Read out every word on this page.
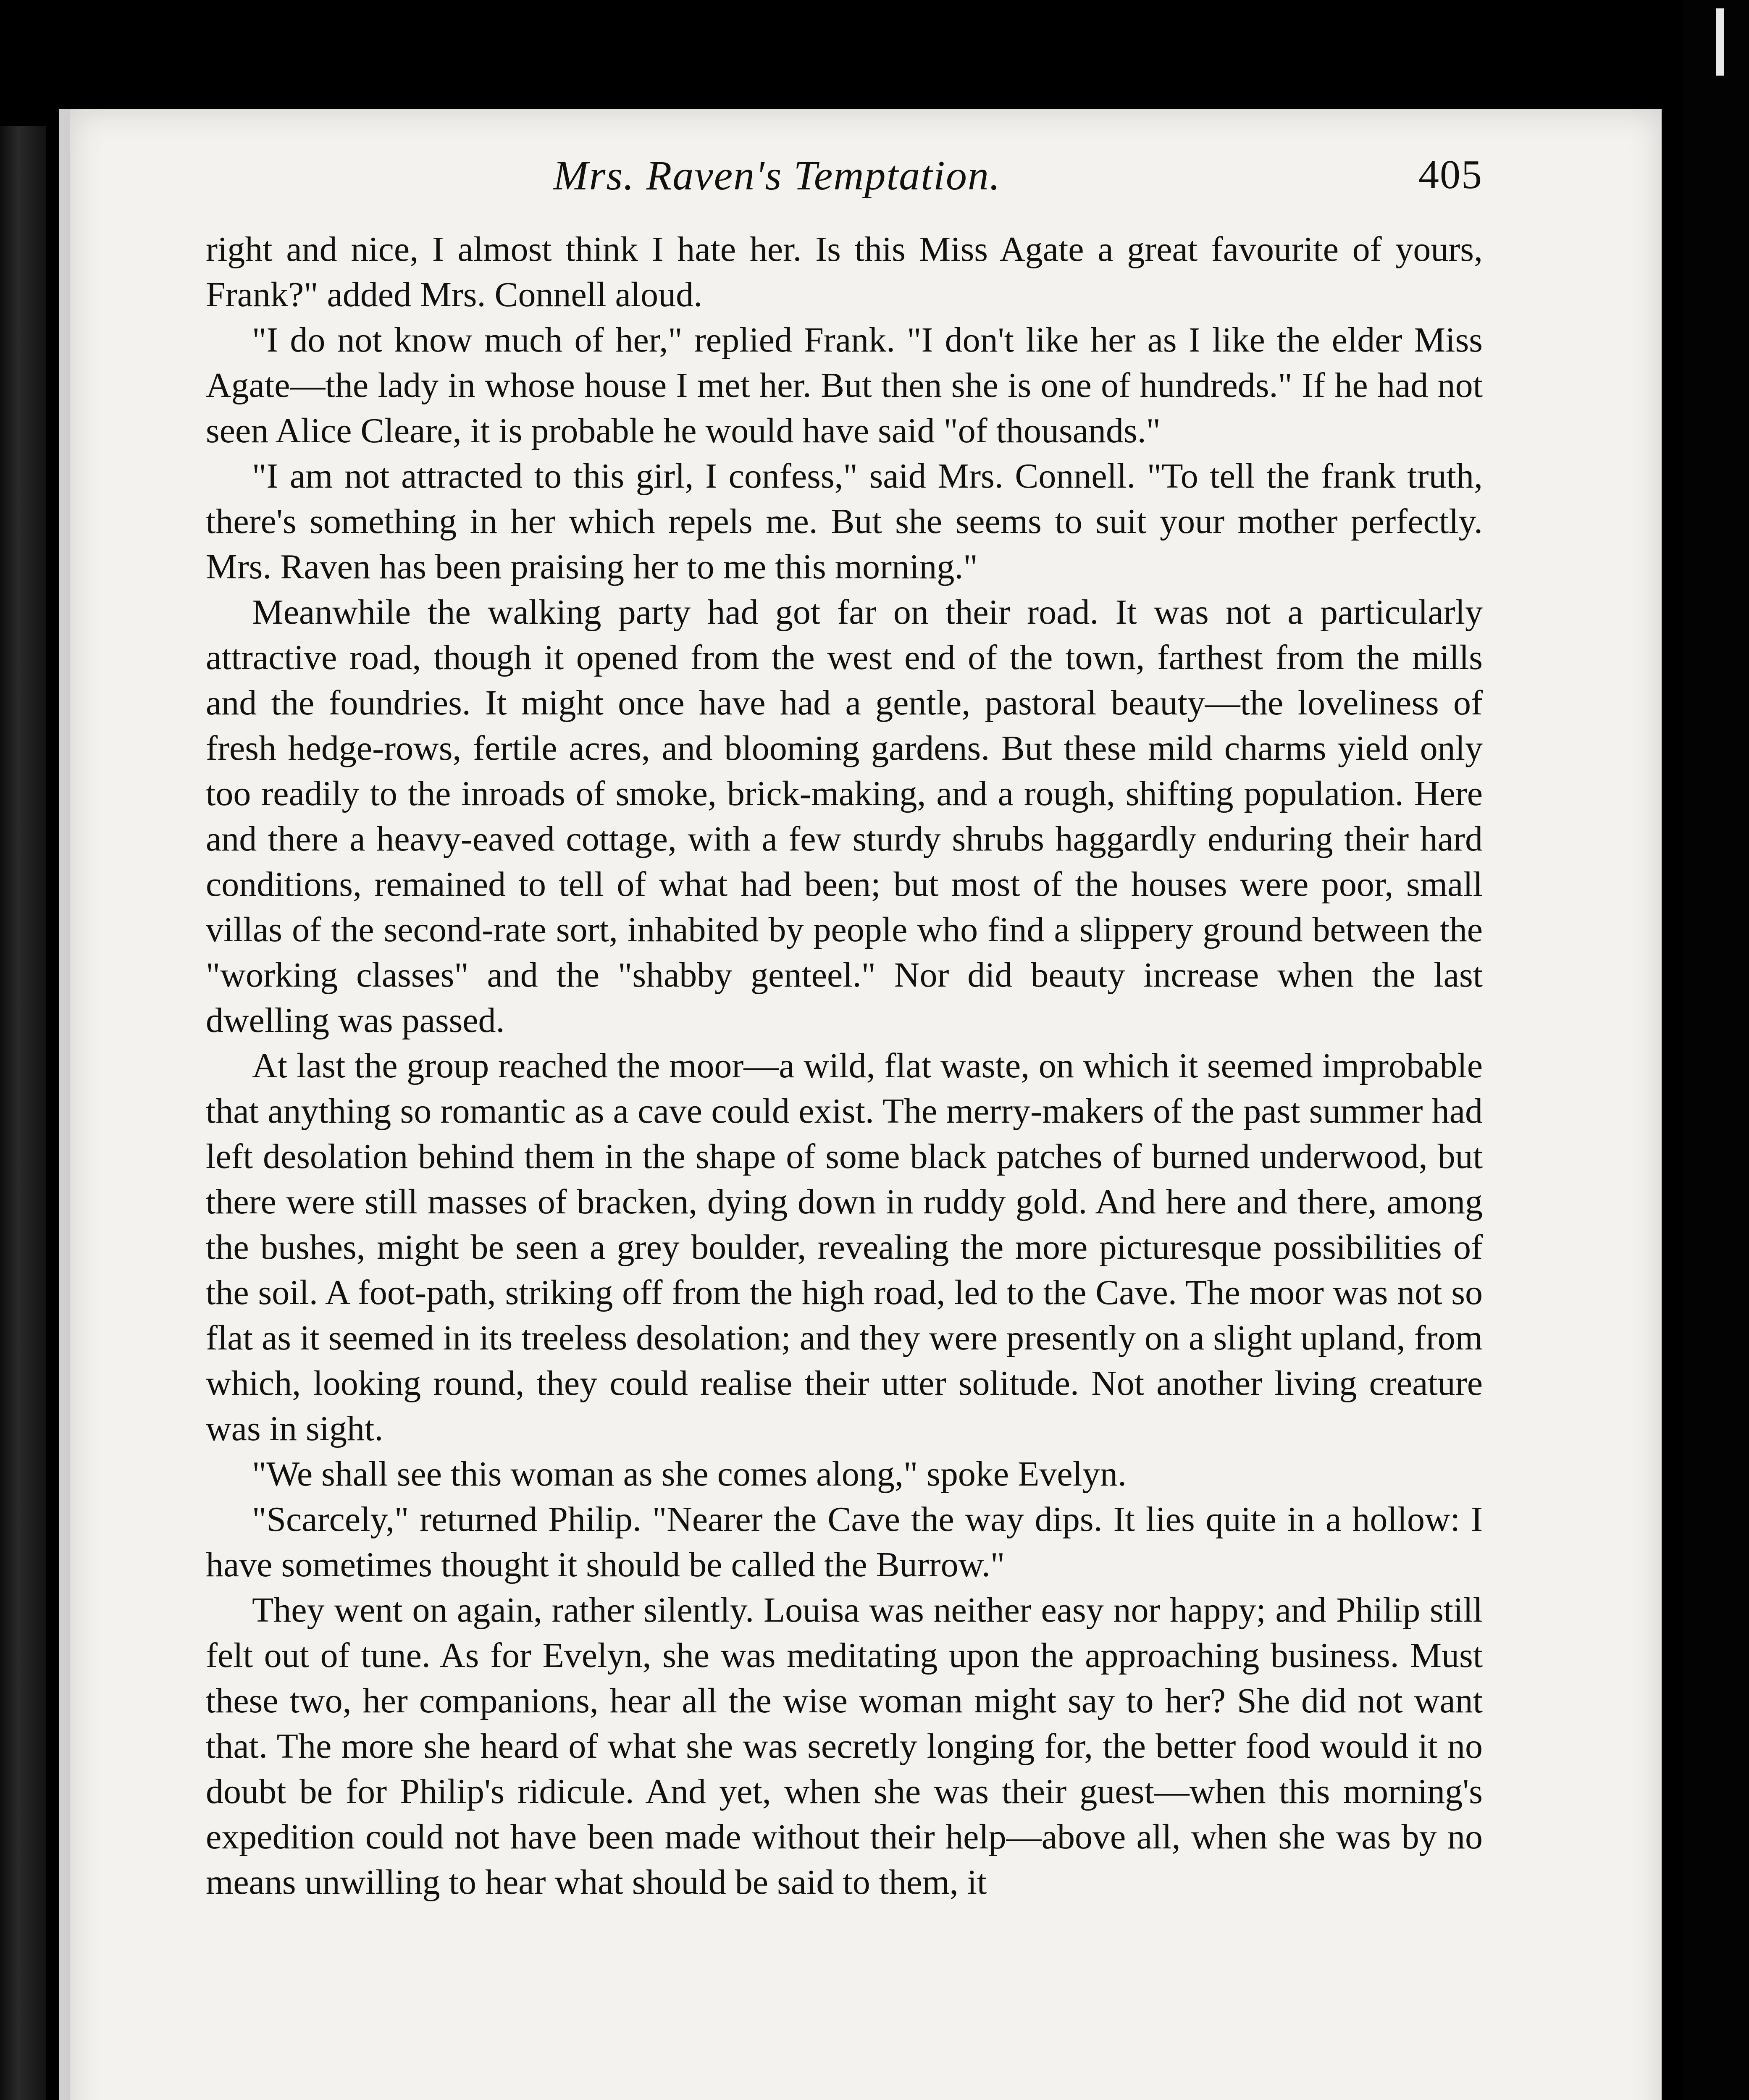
Mrs. Raven's Temptation.	405

right and nice, I almost think I hate her. Is this Miss Agate a great favourite of yours, Frank?" added Mrs. Connell aloud.

"I do not know much of her," replied Frank. "I don't like her as I like the elder Miss Agate—the lady in whose house I met her. But then she is one of hundreds." If he had not seen Alice Cleare, it is probable he would have said "of thousands."

"I am not attracted to this girl, I confess," said Mrs. Connell. "To tell the frank truth, there's something in her which repels me. But she seems to suit your mother perfectly. Mrs. Raven has been praising her to me this morning."

Meanwhile the walking party had got far on their road. It was not a particularly attractive road, though it opened from the west end of the town, farthest from the mills and the foundries. It might once have had a gentle, pastoral beauty—the loveliness of fresh hedge-rows, fertile acres, and blooming gardens. But these mild charms yield only too readily to the inroads of smoke, brick-making, and a rough, shifting population. Here and there a heavy-eaved cottage, with a few sturdy shrubs haggardly enduring their hard conditions, remained to tell of what had been; but most of the houses were poor, small villas of the second-rate sort, inhabited by people who find a slippery ground between the "working classes" and the "shabby genteel." Nor did beauty increase when the last dwelling was passed.

At last the group reached the moor—a wild, flat waste, on which it seemed improbable that anything so romantic as a cave could exist. The merry-makers of the past summer had left desolation behind them in the shape of some black patches of burned underwood, but there were still masses of bracken, dying down in ruddy gold. And here and there, among the bushes, might be seen a grey boulder, revealing the more picturesque possibilities of the soil. A foot-path, striking off from the high road, led to the Cave. The moor was not so flat as it seemed in its treeless desolation; and they were presently on a slight upland, from which, looking round, they could realise their utter solitude. Not another living creature was in sight.

"We shall see this woman as she comes along," spoke Evelyn.

"Scarcely," returned Philip. "Nearer the Cave the way dips. It lies quite in a hollow: I have sometimes thought it should be called the Burrow."

They went on again, rather silently. Louisa was neither easy nor happy; and Philip still felt out of tune. As for Evelyn, she was meditating upon the approaching business. Must these two, her companions, hear all the wise woman might say to her? She did not want that. The more she heard of what she was secretly longing for, the better food would it no doubt be for Philip's ridicule. And yet, when she was their guest—when this morning's expedition could not have been made without their help—above all, when she was by no means unwilling to hear what should be said to them, it
